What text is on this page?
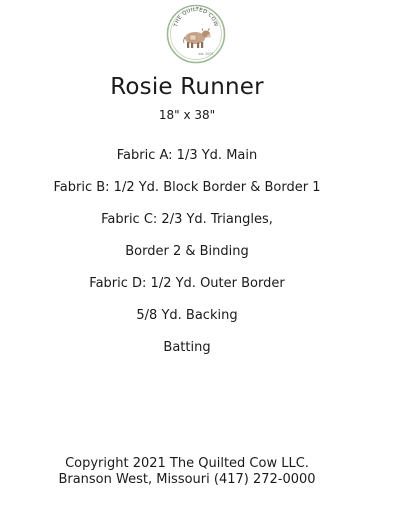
THE QUILTED COW
est. 2007
Rosie Runner
18" x 38"
Fabric A: 1/3 Yd. Main
Fabric B: 1/2 Yd. Block Border & Border 1
Fabric C: 2/3 Yd. Triangles,
Border 2 & Binding
Fabric D: 1/2 Yd. Outer Border
5/8 Yd. Backing
Batting
Copyright 2021 The Quilted Cow LLC.
Branson West, Missouri (417) 272-0000
